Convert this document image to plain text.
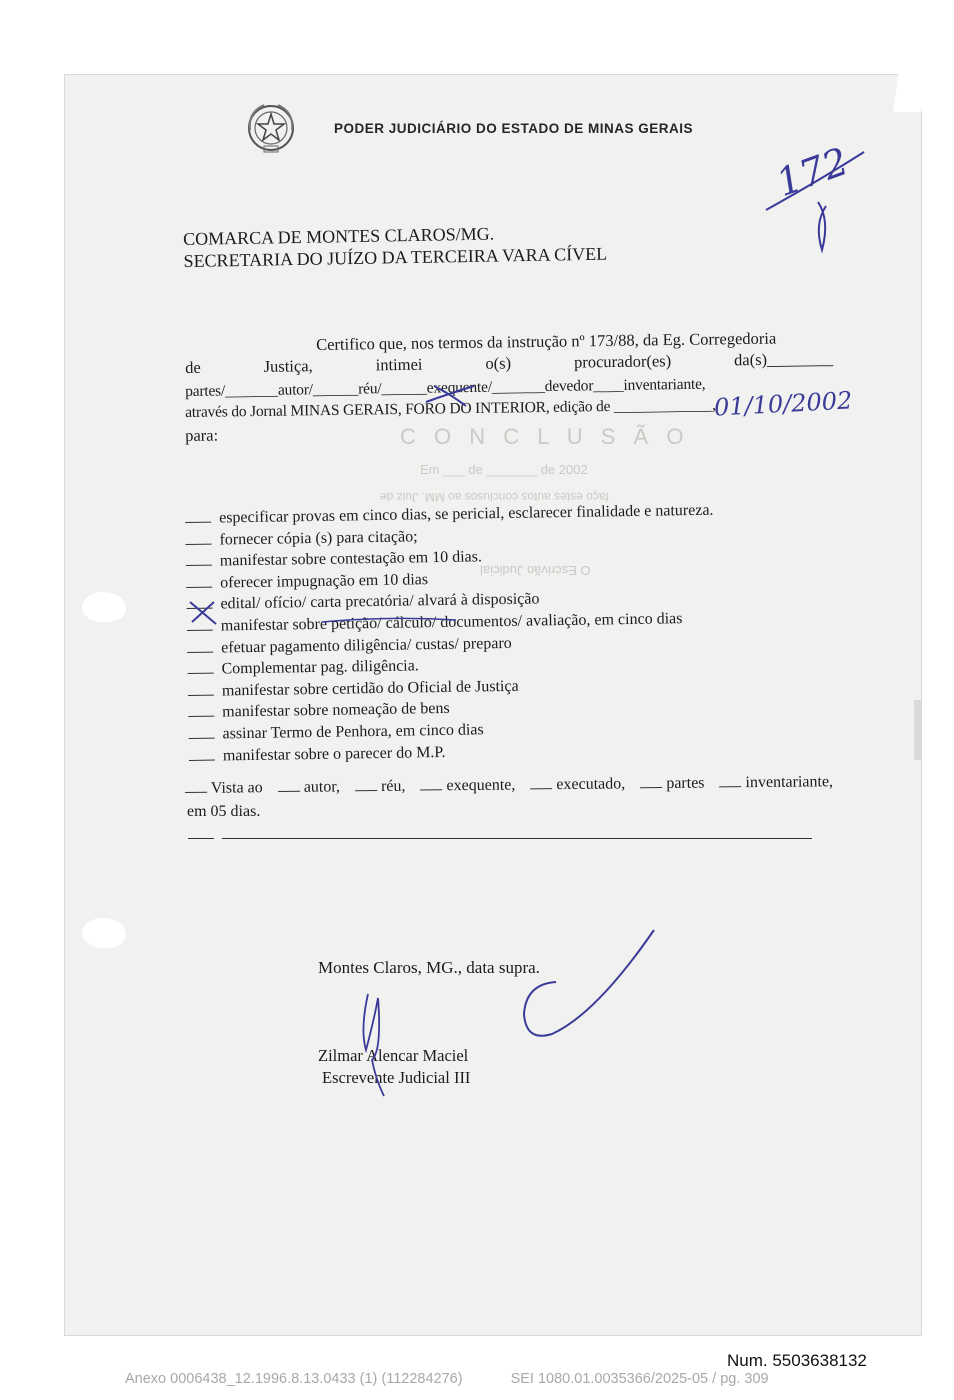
PODER JUDICIÁRIO DO ESTADO DE MINAS GERAIS
C O N C L U S Ã O
Em ___ de _______ de 2002
faço estes autos conclusos ao MM. Juiz de
O Escrivão Judicial
COMARCA DE MONTES CLAROS/MG.
SECRETARIA DO JUÍZO DA TERCEIRA VARA CÍVEL
Certifico que, nos termos da instrução nº 173/88, da Eg. Corregedoria
de	Justiça,	intimei	o(s)	procurador(es)	da(s)________
partes/_______autor/______réu/______exequente/_______devedor____inventariante,
através do Jornal MINAS GERAIS, FORO DO INTERIOR, edição de _____________,
para:
especificar provas em cinco dias, se pericial, esclarecer finalidade e natureza.
fornecer cópia (s) para citação;
manifestar sobre contestação em 10 dias.
oferecer impugnação em 10 dias
edital/ ofício/ carta precatória/ alvará à disposição
manifestar sobre petição/ cálculo/ documentos/ avaliação, em cinco dias
efetuar pagamento diligência/ custas/ preparo
Complementar pag. diligência.
manifestar sobre certidão do Oficial de Justiça
manifestar sobre nomeação de bens
assinar Termo de Penhora, em cinco dias
manifestar sobre o parecer do M.P.
Vista ao	autor,	réu,	exequente,	executado,	partes	inventariante,
em 05 dias.
Montes Claros, MG., data supra.
Zilmar Alencar Maciel
Escrevente Judicial III
172
01/10/2002
Num. 5503638132
Anexo 0006438_12.1996.8.13.0433 (1) (112284276)	SEI 1080.01.0035366/2025-05 / pg. 309
